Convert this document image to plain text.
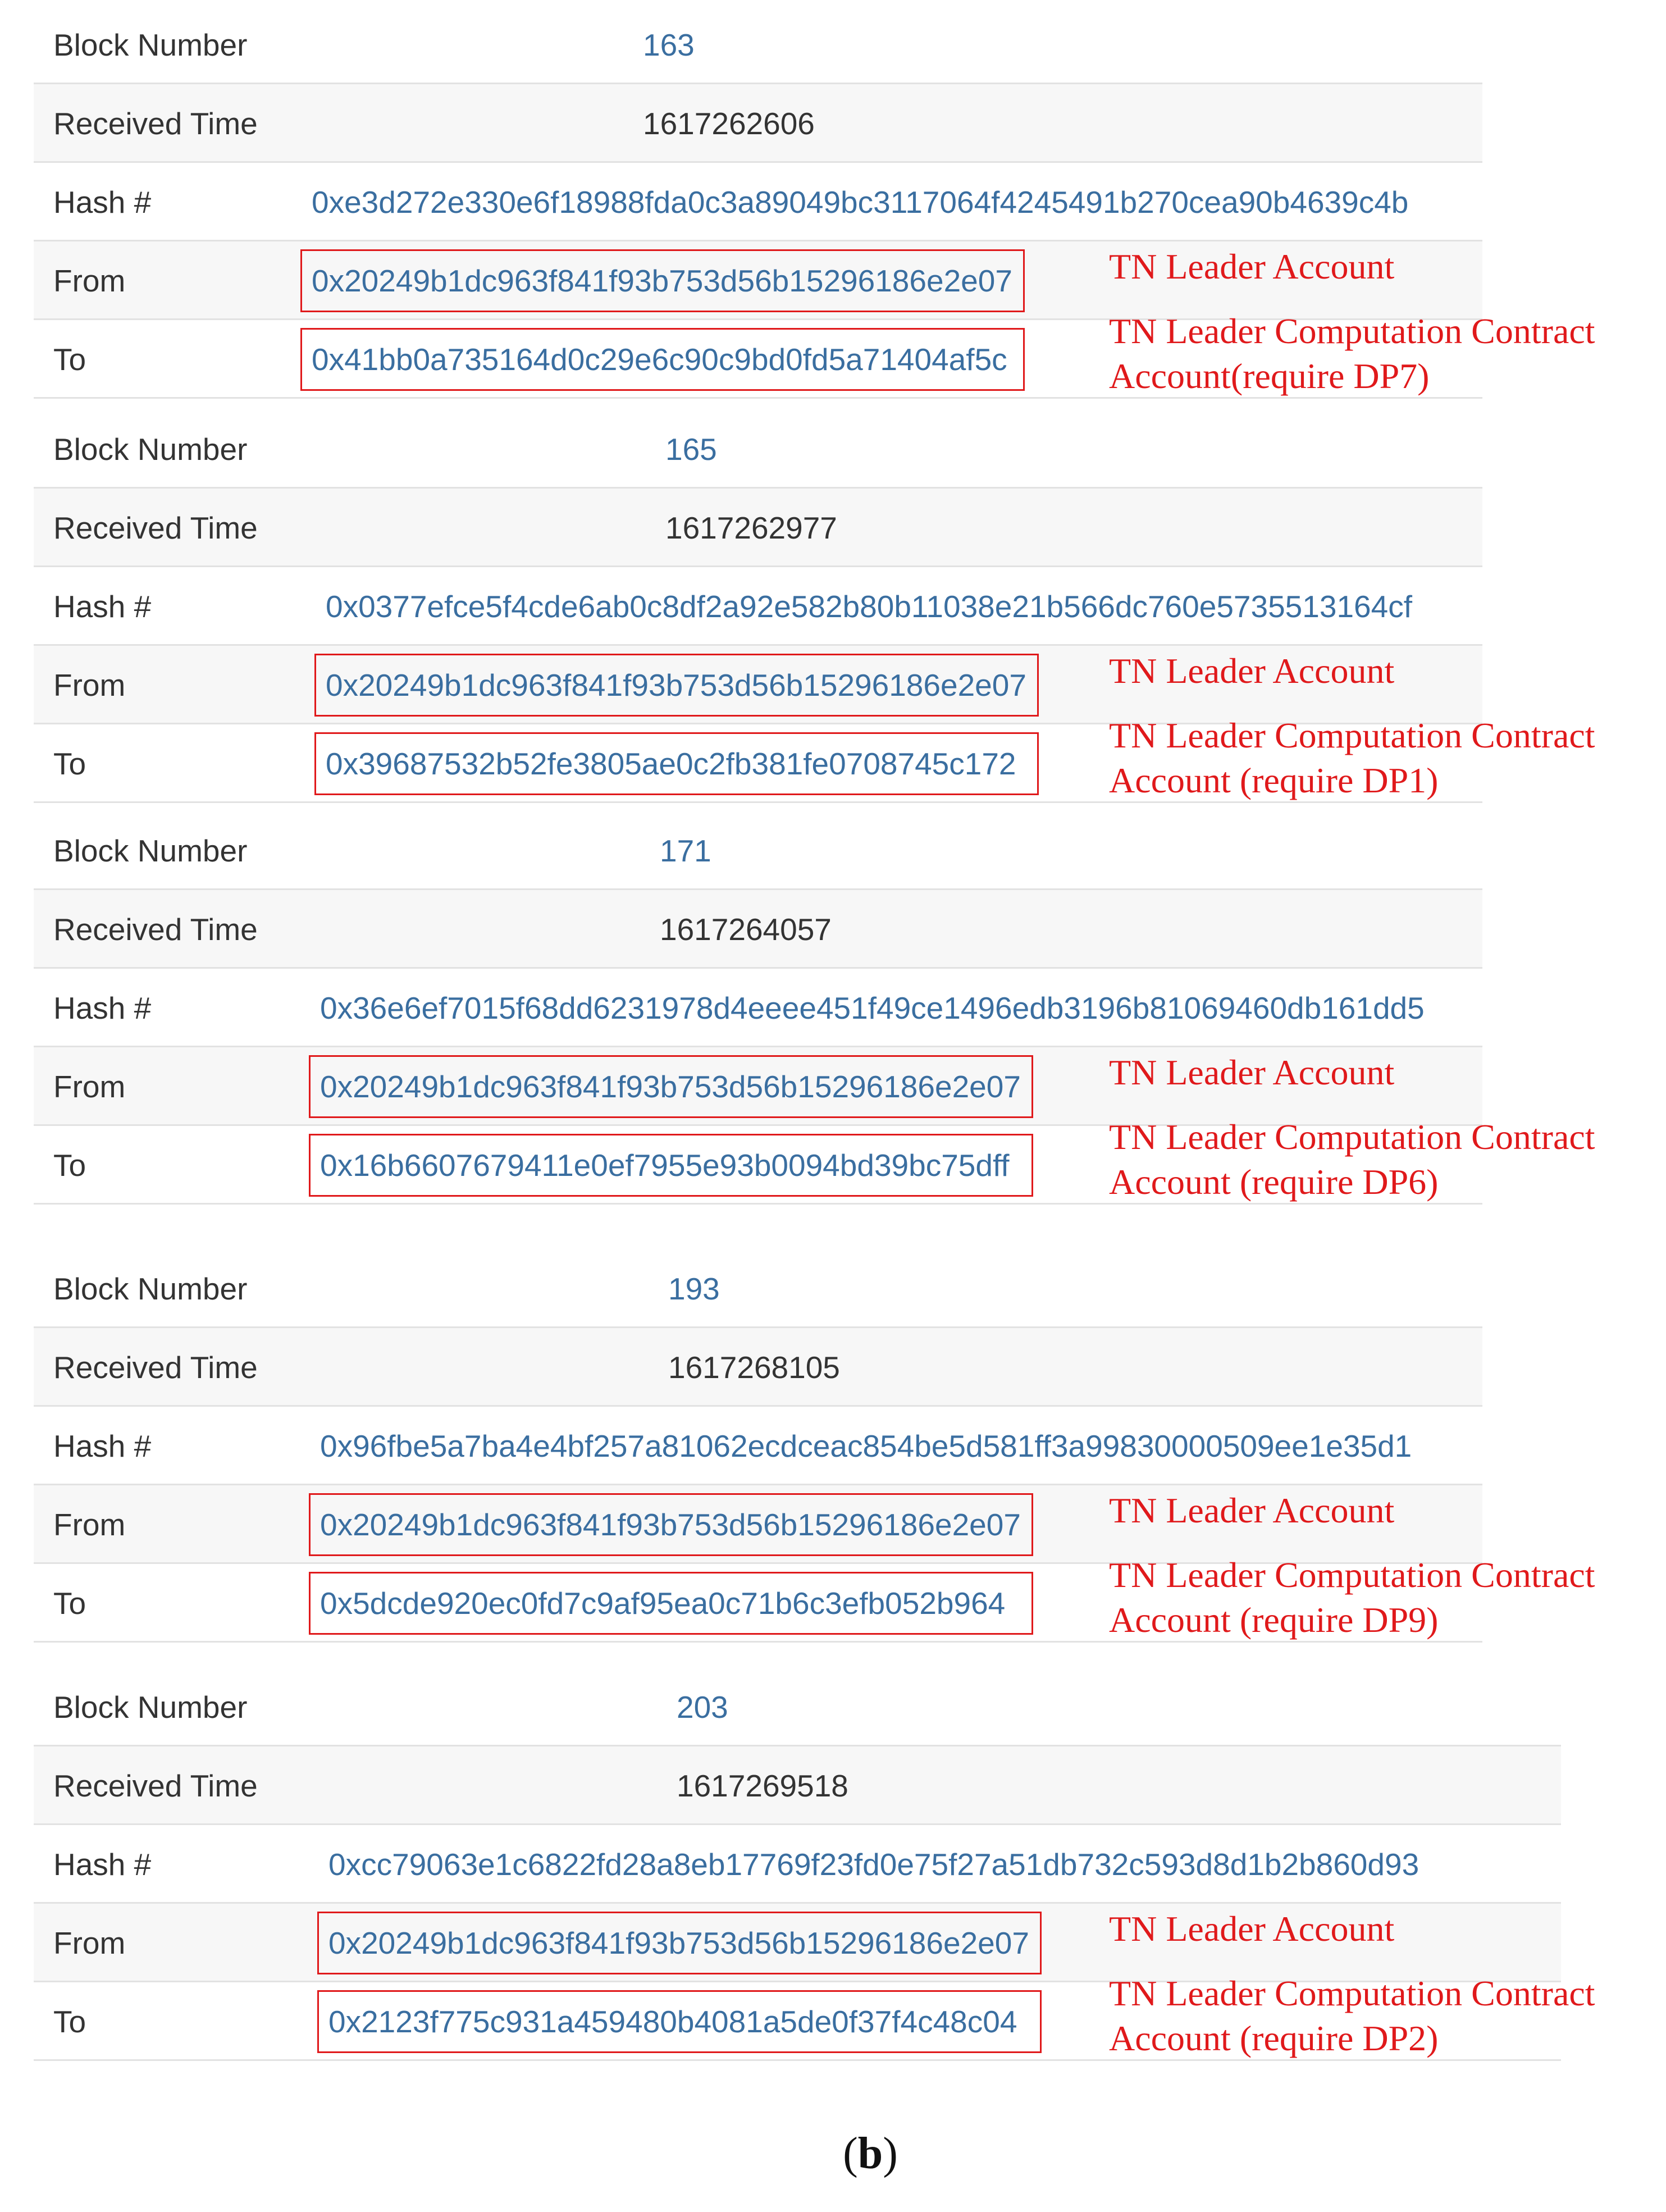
Block Number	163
Received Time	1617262606
Hash #	0xe3d272e330e6f18988fda0c3a89049bc3117064f4245491b270cea90b4639c4b
From	0x20249b1dc963f841f93b753d56b15296186e2e07
To	0x41bb0a735164d0c29e6c90c9bd0fd5a71404af5c
TN Leader Account
TN Leader Computation Contract
Account(require DP7)
Block Number	165
Received Time	1617262977
Hash #	0x0377efce5f4cde6ab0c8df2a92e582b80b11038e21b566dc760e5735513164cf
From	0x20249b1dc963f841f93b753d56b15296186e2e07
To	0x39687532b52fe3805ae0c2fb381fe0708745c172
TN Leader Account
TN Leader Computation Contract
Account (require DP1)
Block Number	171
Received Time	1617264057
Hash #	0x36e6ef7015f68dd6231978d4eeee451f49ce1496edb3196b81069460db161dd5
From	0x20249b1dc963f841f93b753d56b15296186e2e07
To	0x16b6607679411e0ef7955e93b0094bd39bc75dff
TN Leader Account
TN Leader Computation Contract
Account (require DP6)
Block Number	193
Received Time	1617268105
Hash #	0x96fbe5a7ba4e4bf257a81062ecdceac854be5d581ff3a99830000509ee1e35d1
From	0x20249b1dc963f841f93b753d56b15296186e2e07
To	0x5dcde920ec0fd7c9af95ea0c71b6c3efb052b964
TN Leader Account
TN Leader Computation Contract
Account (require DP9)
Block Number	203
Received Time	1617269518
Hash #	0xcc79063e1c6822fd28a8eb17769f23fd0e75f27a51db732c593d8d1b2b860d93
From	0x20249b1dc963f841f93b753d56b15296186e2e07
To	0x2123f775c931a459480b4081a5de0f37f4c48c04
TN Leader Account
TN Leader Computation Contract
Account (require DP2)
(b)
